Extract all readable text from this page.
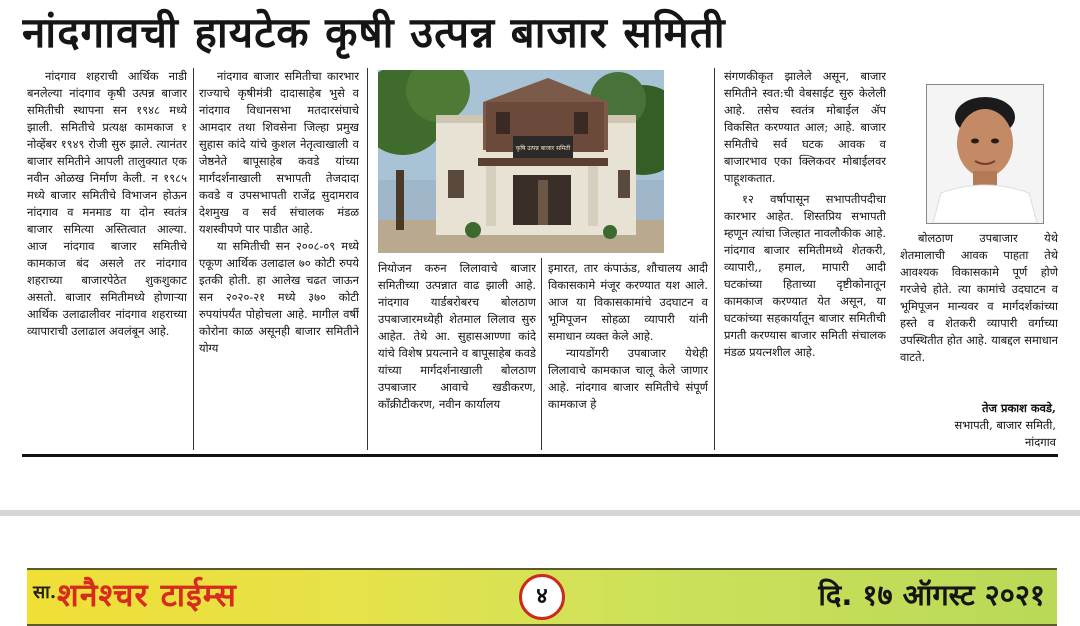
नांदगावची हायटेक कृषी उत्पन्न बाजार समिती

नांदगाव शहराची आर्थिक नाडी बनलेल्या नांदगाव कृषी उत्पन्न बाजार समितीची स्थापना सन १९४८ मध्ये झाली. समितीचे प्रत्यक्ष कामकाज १ नोव्हेंबर १९४९ रोजी सुरु झाले. त्यानंतर बाजार समितीने आपली तालुक्यात एक नवीन ओळख निर्माण केली. न १९८५ मध्ये बाजार समितीचे विभाजन होऊन नांदगाव व मनमाड या दोन स्वतंत्र बाजार समित्या अस्तित्वात आल्या. आज नांदगाव बाजार समितीचे कामकाज बंद असले तर नांदगाव शहराच्या बाजारपेठेत शुकशुकाट असतो. बाजार समितीमध्ये होणाऱ्या आर्थिक उलाढालीवर नांदगाव शहराच्या व्यापाराची उलाढाल अवलंबून आहे.

नांदगाव बाजार समितीचा कारभार राज्याचे कृषीमंत्री दादासाहेब भुसे व नांदगाव विधानसभा मतदारसंघाचे आमदार तथा शिवसेना जिल्हा प्रमुख सुहास कांदे यांचे कुशल नेतृत्वाखाली व जेष्ठनेते बापूसाहेब कवडे यांच्या मार्गदर्शनाखाली सभापती तेजदादा कवडे व उपसभापती राजेंद्र सुदामराव देशमुख व सर्व संचालक मंडळ यशस्वीपणे पार पाडीत आहे.

या समितीची सन २००८-०९ मध्ये एकूण आर्थिक उलाढाल ७० कोटी रुपये इतकी होती. हा आलेख चढत जाऊन सन २०२०-२१ मध्ये ३७० कोटी रुपयांपर्यंत पोहोचला आहे. मागील वर्षी कोरोना काळ असूनही बाजार समितीने योग्य

कृषि उत्पन्न बाजार समिती

नियोजन करुन लिलावाचे बाजार समितीच्या उत्पन्नात वाढ झाली आहे. नांदगाव यार्डबरोबरच बोलठाण उपबाजारमध्येही शेतमाल लिलाव सुरु आहेत. तेथे आ. सुहासआण्णा कांदे यांचे विशेष प्रयत्नाने व बापूसाहेब कवडे यांच्या मार्गदर्शनाखाली बोलठाण उपबाजार आवाचे खडीकरण, कॉंक्रीटीकरण, नवीन कार्यालय

इमारत, तार कंपाऊंड, शौचालय आदी विकासकामे मंजूर करण्यात यश आले. आज या विकासकामांचे उदघाटन व भूमिपूजन सोहळा व्यापारी यांनी समाधान व्यक्त केले आहे.

न्यायडोंगरी उपबाजार येथेही लिलावाचे कामकाज चालू केले जाणार आहे. नांदगाव बाजार समितीचे संपूर्ण कामकाज हे

संगणकीकृत झालेले असून, बाजार समितीने स्वत:ची वेबसाईट सुरु केलेली आहे. तसेच स्वतंत्र मोबाईल ॲप विकसित करण्यात आल; आहे. बाजार समितीचे सर्व घटक आवक व बाजारभाव एका क्लिकवर मोबाईलवर पाहूशकतात.

१२ वर्षापासून सभापतीपदीचा कारभार आहेत. शिस्तप्रिय सभापती म्हणून त्यांचा जिल्हात नावलौकीक आहे. नांदगाव बाजार समितीमध्ये शेतकरी, व्यापारी,, हमाल, मापारी आदी घटकांच्या हिताच्या दृष्टीकोनातून कामकाज करण्यात येत असून, या घटकांच्या सहकार्यातून बाजार समितीची प्रगती करण्यास बाजार समिती संचालक मंडळ प्रयत्नशील आहे.

बोलठाण उपबाजार येथे शेतमालाची आवक पाहता तेथे आवश्यक विकासकामे पूर्ण होणे गरजेचे होते. त्या कामांचे उदघाटन व भूमिपूजन मान्यवर व मार्गदर्शकांच्या हस्ते व शेतकरी व्यापारी वर्गाच्या उपस्थितीत होत आहे. याबद्दल समाधान वाटते.

तेज प्रकाश कवडे,
सभापती, बाजार समिती,
नांदगाव
सा. शनैश्चर टाईम्स	४	दि. १७ ऑगस्ट २०२१
